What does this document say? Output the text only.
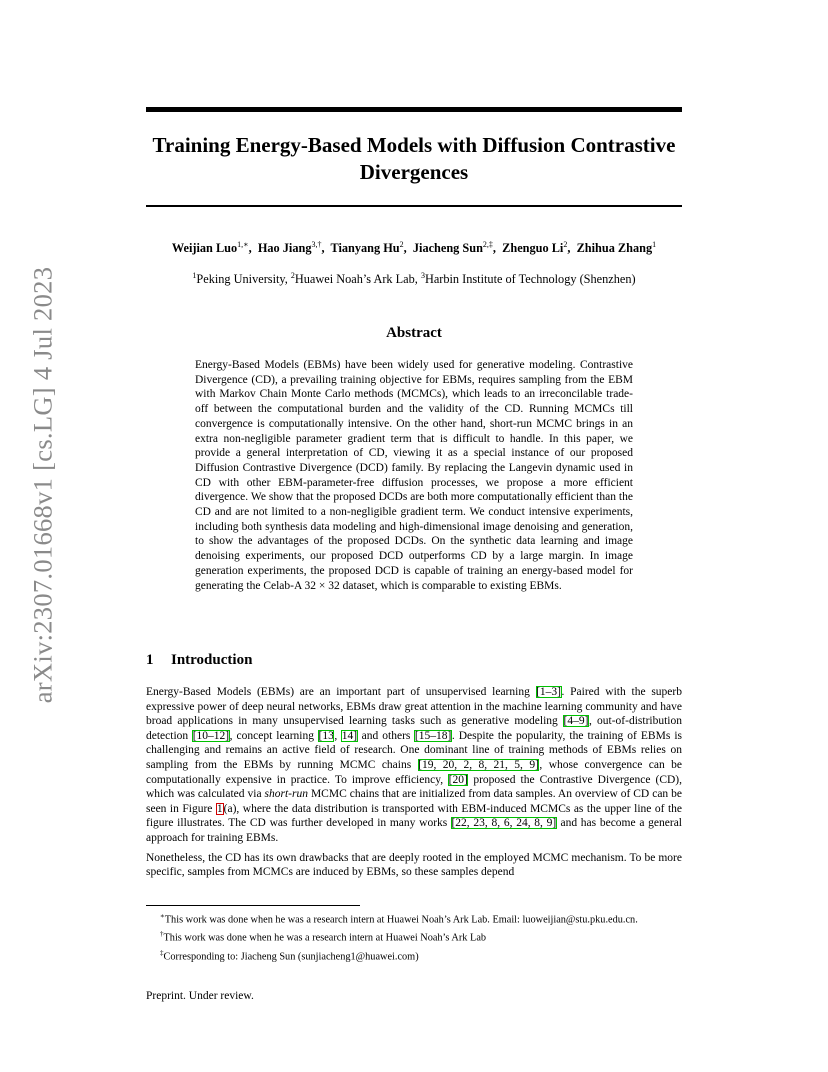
arXiv:2307.01668v1 [cs.LG] 4 Jul 2023
Training Energy-Based Models with Diffusion Contrastive Divergences
Weijian Luo$^{1,∗}$,  Hao Jiang$^{3,\dagger}$,  Tianyang Hu$^2$,  Jiacheng Sun$^{2,\ddagger}$,  Zhenguo Li$^2$,  Zhihua Zhang$^1$
$^1$Peking University, $^2$Huawei Noah’s Ark Lab, $^3$Harbin Institute of Technology (Shenzhen)
Abstract
Energy-Based Models (EBMs) have been widely used for generative modeling. Contrastive Divergence (CD), a prevailing training objective for EBMs, requires sampling from the EBM with Markov Chain Monte Carlo methods (MCMCs), which leads to an irreconcilable trade-off between the computational burden and the validity of the CD. Running MCMCs till convergence is computationally intensive. On the other hand, short-run MCMC brings in an extra non-negligible parameter gradient term that is difficult to handle. In this paper, we provide a general interpretation of CD, viewing it as a special instance of our proposed Diffusion Contrastive Divergence (DCD) family. By replacing the Langevin dynamic used in CD with other EBM-parameter-free diffusion processes, we propose a more efficient divergence. We show that the proposed DCDs are both more computationally efficient than the CD and are not limited to a non-negligible gradient term. We conduct intensive experiments, including both synthesis data modeling and high-dimensional image denoising and generation, to show the advantages of the proposed DCDs. On the synthetic data learning and image denoising experiments, our proposed DCD outperforms CD by a large margin. In image generation experiments, the proposed DCD is capable of training an energy-based model for generating the Celab-A 32 × 32 dataset, which is comparable to existing EBMs.
1 Introduction

Energy-Based Models (EBMs) are an important part of unsupervised learning [1–3]. Paired with the superb expressive power of deep neural networks, EBMs draw great attention in the machine learning community and have broad applications in many unsupervised learning tasks such as generative modeling [4–9], out-of-distribution detection [10–12], concept learning [13, 14] and others [15–18]. Despite the popularity, the training of EBMs is challenging and remains an active field of research. One dominant line of training methods of EBMs relies on sampling from the EBMs by running MCMC chains [19, 20, 2, 8, 21, 5, 9], whose convergence can be computationally expensive in practice. To improve efficiency, [20] proposed the Contrastive Divergence (CD), which was calculated via short-run MCMC chains that are initialized from data samples. An overview of CD can be seen in Figure 1(a), where the data distribution is transported with EBM-induced MCMCs as the upper line of the figure illustrates. The CD was further developed in many works [22, 23, 8, 6, 24, 8, 9] and has become a general approach for training EBMs.

Nonetheless, the CD has its own drawbacks that are deeply rooted in the employed MCMC mechanism. To be more specific, samples from MCMCs are induced by EBMs, so these samples depend

∗This work was done when he was a research intern at Huawei Noah’s Ark Lab. Email: luoweijian@stu.pku.edu.cn.
†This work was done when he was a research intern at Huawei Noah’s Ark Lab
‡Corresponding to: Jiacheng Sun (sunjiacheng1@huawei.com)
Preprint. Under review.
